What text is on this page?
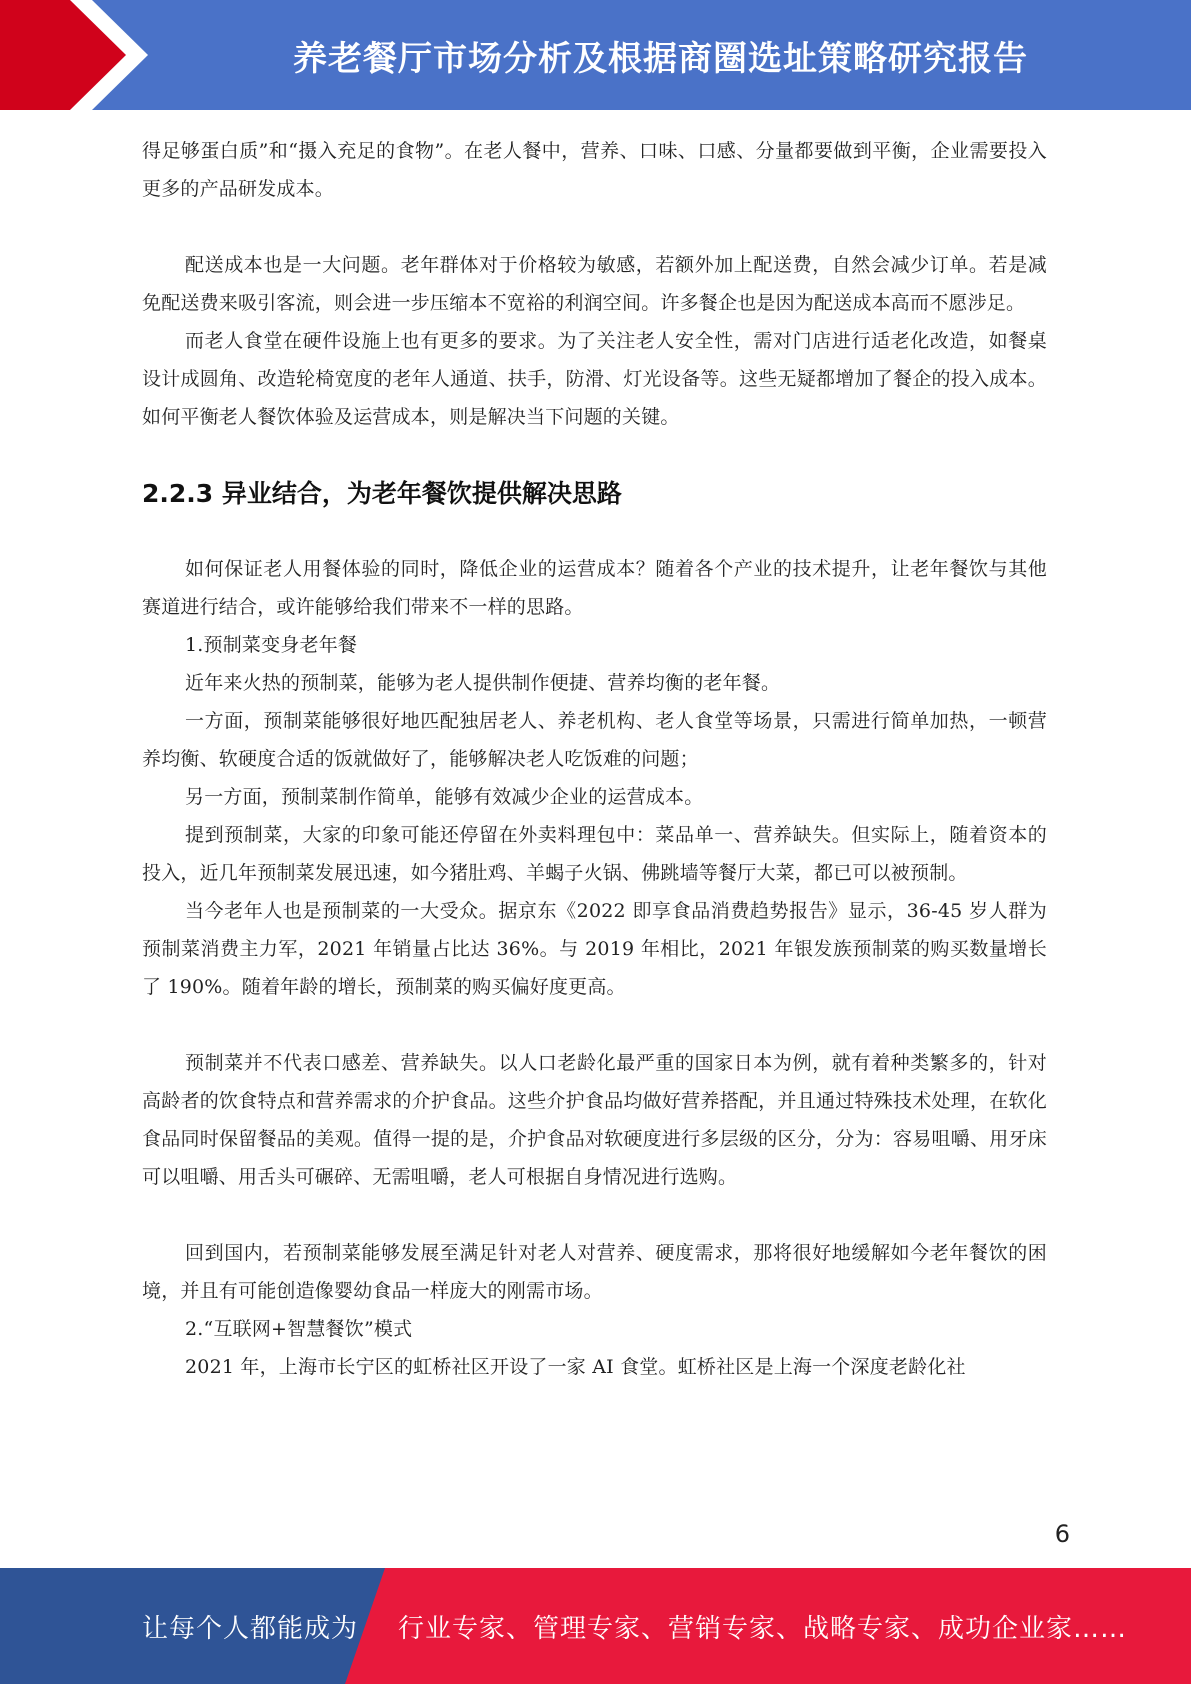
养老餐厅市场分析及根据商圈选址策略研究报告

得足够蛋白质”和“摄入充足的食物”。在老人餐中，营养、口味、口感、分量都要做到平衡，企业需要投入更多的产品研发成本。

配送成本也是一大问题。老年群体对于价格较为敏感，若额外加上配送费，自然会减少订单。若是减免配送费来吸引客流，则会进一步压缩本不宽裕的利润空间。许多餐企也是因为配送成本高而不愿涉足。

而老人食堂在硬件设施上也有更多的要求。为了关注老人安全性，需对门店进行适老化改造，如餐桌设计成圆角、改造轮椅宽度的老年人通道、扶手，防滑、灯光设备等。这些无疑都增加了餐企的投入成本。如何平衡老人餐饮体验及运营成本，则是解决当下问题的关键。

2.2.3 异业结合，为老年餐饮提供解决思路

如何保证老人用餐体验的同时，降低企业的运营成本？随着各个产业的技术提升，让老年餐饮与其他赛道进行结合，或许能够给我们带来不一样的思路。

1.预制菜变身老年餐

近年来火热的预制菜，能够为老人提供制作便捷、营养均衡的老年餐。

一方面，预制菜能够很好地匹配独居老人、养老机构、老人食堂等场景，只需进行简单加热，一顿营养均衡、软硬度合适的饭就做好了，能够解决老人吃饭难的问题；

另一方面，预制菜制作简单，能够有效减少企业的运营成本。

提到预制菜，大家的印象可能还停留在外卖料理包中：菜品单一、营养缺失。但实际上，随着资本的投入，近几年预制菜发展迅速，如今猪肚鸡、羊蝎子火锅、佛跳墙等餐厅大菜，都已可以被预制。

当今老年人也是预制菜的一大受众。据京东《2022 即享食品消费趋势报告》显示，36-45 岁人群为预制菜消费主力军，2021 年销量占比达 36%。与 2019 年相比，2021 年银发族预制菜的购买数量增长了 190%。随着年龄的增长，预制菜的购买偏好度更高。

预制菜并不代表口感差、营养缺失。以人口老龄化最严重的国家日本为例，就有着种类繁多的，针对高龄者的饮食特点和营养需求的介护食品。这些介护食品均做好营养搭配，并且通过特殊技术处理，在软化食品同时保留餐品的美观。值得一提的是，介护食品对软硬度进行多层级的区分，分为：容易咀嚼、用牙床可以咀嚼、用舌头可碾碎、无需咀嚼，老人可根据自身情况进行选购。

回到国内，若预制菜能够发展至满足针对老人对营养、硬度需求，那将很好地缓解如今老年餐饮的困境，并且有可能创造像婴幼食品一样庞大的刚需市场。

2.“互联网+智慧餐饮”模式

2021 年，上海市长宁区的虹桥社区开设了一家 AI 食堂。虹桥社区是上海一个深度老龄化社

6
让每个人都能成为 行业专家、管理专家、营销专家、战略专家、成功企业家……
